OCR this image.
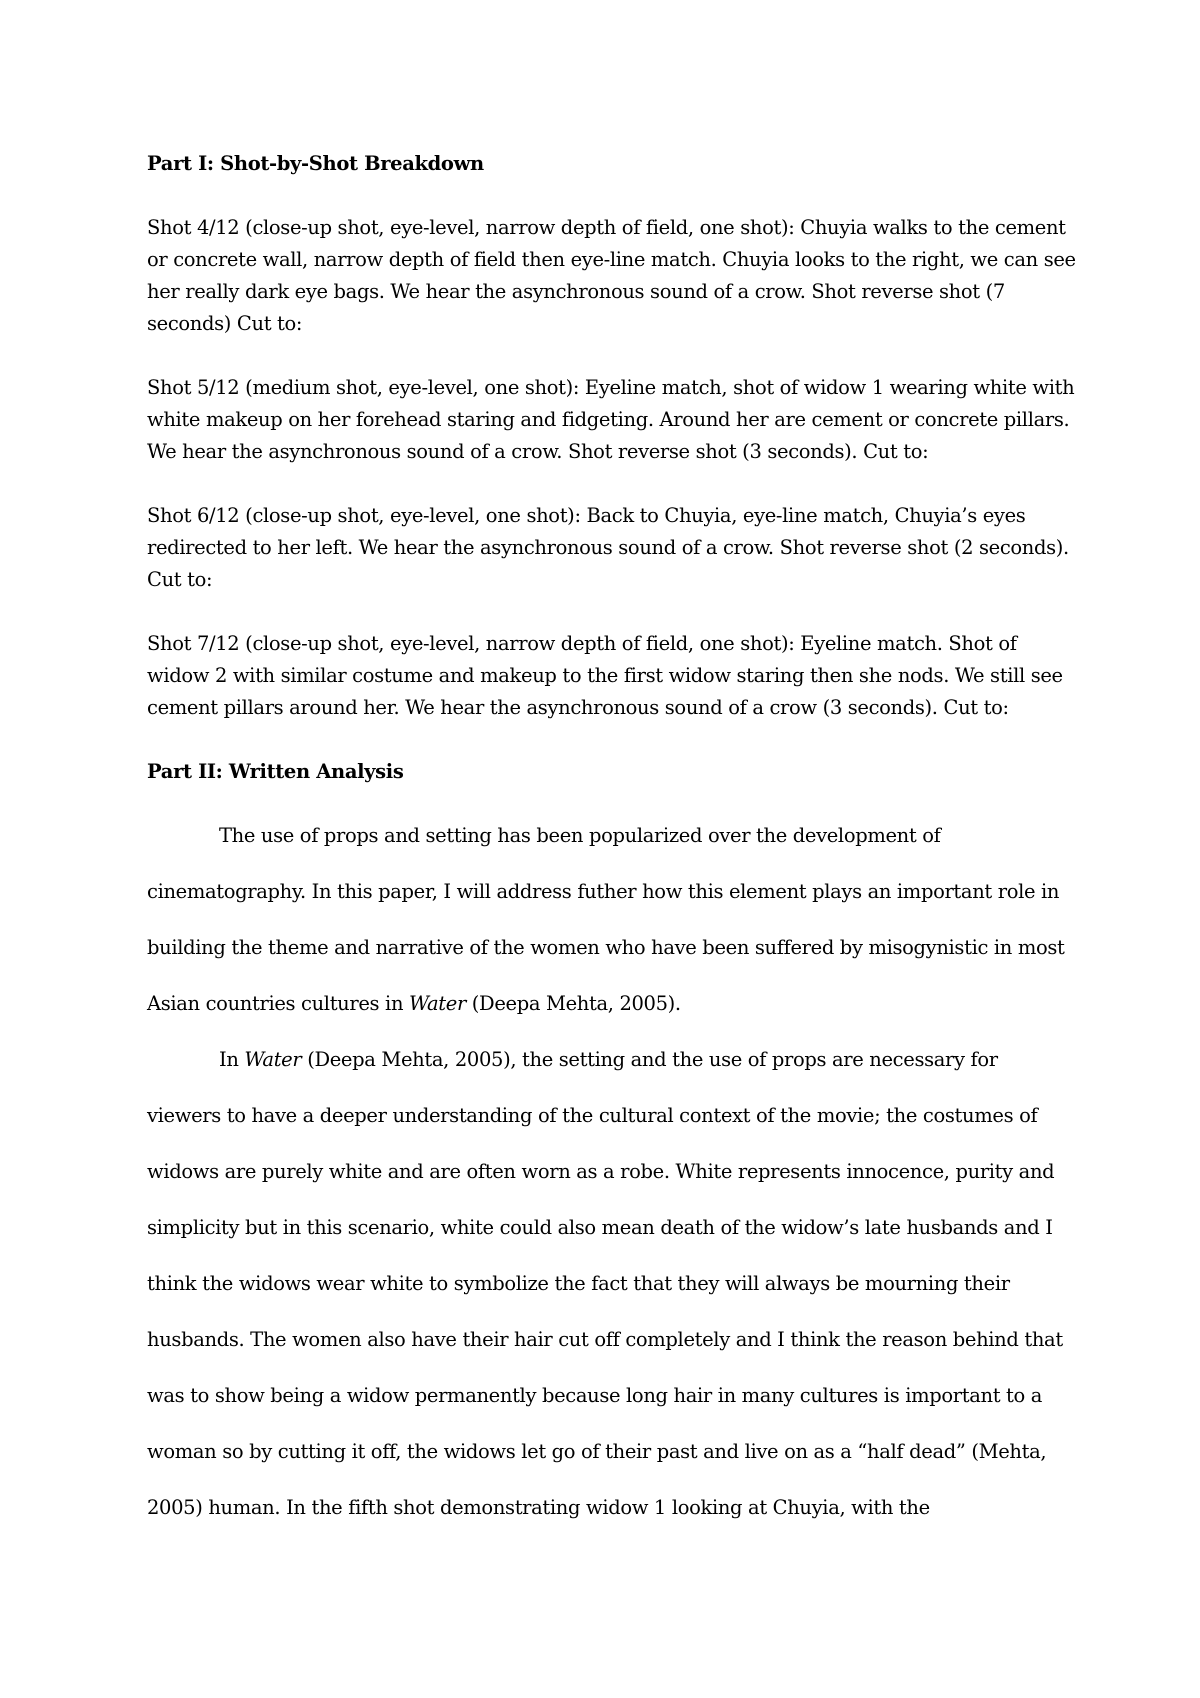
Part I: Shot-by-Shot Breakdown

Shot 4/12 (close-up shot, eye-level, narrow depth of field, one shot): Chuyia walks to the cement or concrete wall, narrow depth of field then eye-line match. Chuyia looks to the right, we can see her really dark eye bags. We hear the asynchronous sound of a crow. Shot reverse shot (7 seconds) Cut to:

Shot 5/12 (medium shot, eye-level, one shot): Eyeline match, shot of widow 1 wearing white with white makeup on her forehead staring and fidgeting. Around her are cement or concrete pillars. We hear the asynchronous sound of a crow. Shot reverse shot (3 seconds). Cut to:

Shot 6/12 (close-up shot, eye-level, one shot): Back to Chuyia, eye-line match, Chuyia’s eyes redirected to her left. We hear the asynchronous sound of a crow. Shot reverse shot (2 seconds). Cut to:

Shot 7/12 (close-up shot, eye-level, narrow depth of field, one shot): Eyeline match. Shot of widow 2 with similar costume and makeup to the first widow staring then she nods. We still see cement pillars around her. We hear the asynchronous sound of a crow (3 seconds). Cut to:

Part II: Written Analysis

The use of props and setting has been popularized over the development of cinematography. In this paper, I will address futher how this element plays an important role in building the theme and narrative of the women who have been suffered by misogynistic in most Asian countries cultures in Water (Deepa Mehta, 2005).

In Water (Deepa Mehta, 2005), the setting and the use of props are necessary for viewers to have a deeper understanding of the cultural context of the movie; the costumes of widows are purely white and are often worn as a robe. White represents innocence, purity and simplicity but in this scenario, white could also mean death of the widow’s late husbands and I think the widows wear white to symbolize the fact that they will always be mourning their husbands. The women also have their hair cut off completely and I think the reason behind that was to show being a widow permanently because long hair in many cultures is important to a woman so by cutting it off, the widows let go of their past and live on as a “half dead” (Mehta, 2005) human. In the fifth shot demonstrating widow 1 looking at Chuyia, with the
